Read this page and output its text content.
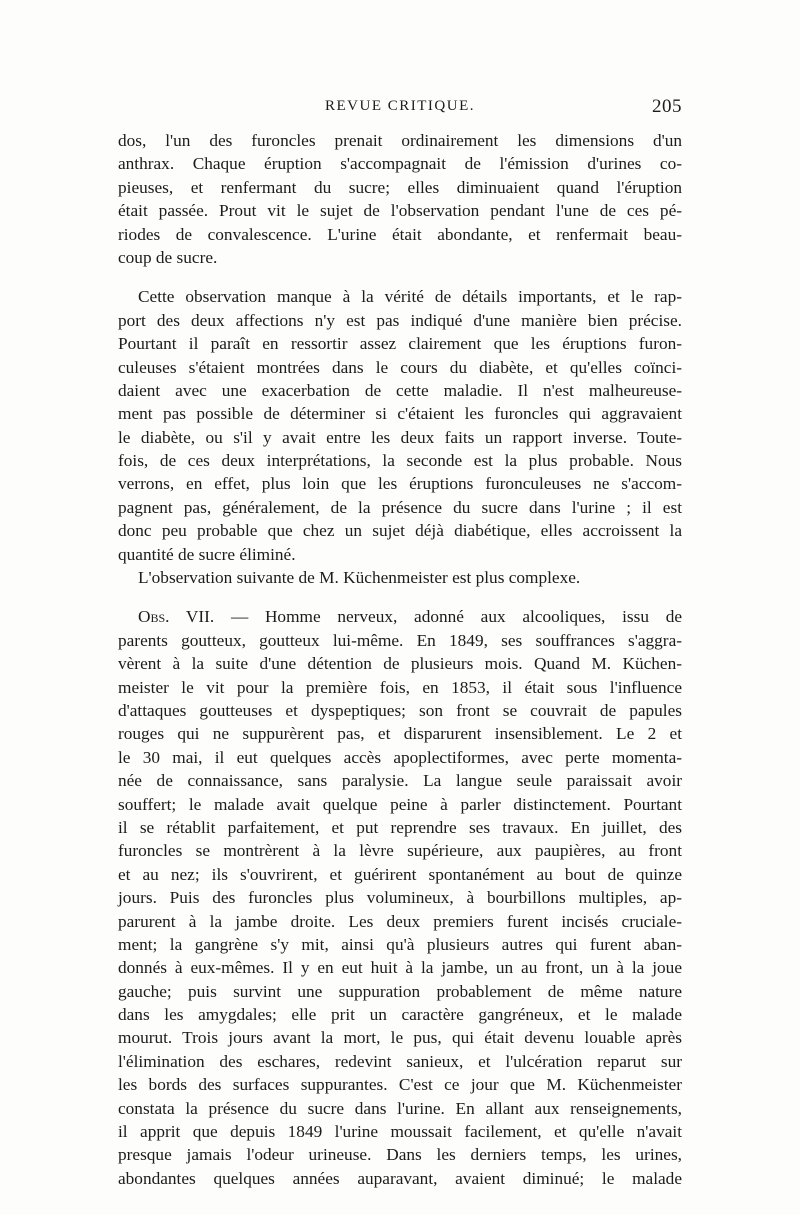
REVUE CRITIQUE.	205
dos, l'un des furoncles prenait ordinairement les dimensions d'un
anthrax. Chaque éruption s'accompagnait de l'émission d'urines co-
pieuses, et renfermant du sucre; elles diminuaient quand l'éruption
était passée. Prout vit le sujet de l'observation pendant l'une de ces pé-
riodes de convalescence. L'urine était abondante, et renfermait beau-
coup de sucre.
Cette observation manque à la vérité de détails importants, et le rap-
port des deux affections n'y est pas indiqué d'une manière bien précise.
Pourtant il paraît en ressortir assez clairement que les éruptions furon-
culeuses s'étaient montrées dans le cours du diabète, et qu'elles coïnci-
daient avec une exacerbation de cette maladie. Il n'est malheureuse-
ment pas possible de déterminer si c'étaient les furoncles qui aggravaient
le diabète, ou s'il y avait entre les deux faits un rapport inverse. Toute-
fois, de ces deux interprétations, la seconde est la plus probable. Nous
verrons, en effet, plus loin que les éruptions furonculeuses ne s'accom-
pagnent pas, généralement, de la présence du sucre dans l'urine ; il est
donc peu probable que chez un sujet déjà diabétique, elles accroissent la
quantité de sucre éliminé.
L'observation suivante de M. Küchenmeister est plus complexe.
Obs. VII. — Homme nerveux, adonné aux alcooliques, issu de
parents goutteux, goutteux lui-même. En 1849, ses souffrances s'aggra-
vèrent à la suite d'une détention de plusieurs mois. Quand M. Küchen-
meister le vit pour la première fois, en 1853, il était sous l'influence
d'attaques goutteuses et dyspeptiques; son front se couvrait de papules
rouges qui ne suppurèrent pas, et disparurent insensiblement. Le 2 et
le 30 mai, il eut quelques accès apoplectiformes, avec perte momenta-
née de connaissance, sans paralysie. La langue seule paraissait avoir
souffert; le malade avait quelque peine à parler distinctement. Pourtant
il se rétablit parfaitement, et put reprendre ses travaux. En juillet, des
furoncles se montrèrent à la lèvre supérieure, aux paupières, au front
et au nez; ils s'ouvrirent, et guérirent spontanément au bout de quinze
jours. Puis des furoncles plus volumineux, à bourbillons multiples, ap-
parurent à la jambe droite. Les deux premiers furent incisés cruciale-
ment; la gangrène s'y mit, ainsi qu'à plusieurs autres qui furent aban-
donnés à eux-mêmes. Il y en eut huit à la jambe, un au front, un à la joue
gauche; puis survint une suppuration probablement de même nature
dans les amygdales; elle prit un caractère gangréneux, et le malade
mourut. Trois jours avant la mort, le pus, qui était devenu louable après
l'élimination des eschares, redevint sanieux, et l'ulcération reparut sur
les bords des surfaces suppurantes. C'est ce jour que M. Küchenmeister
constata la présence du sucre dans l'urine. En allant aux renseignements,
il apprit que depuis 1849 l'urine moussait facilement, et qu'elle n'avait
presque jamais l'odeur urineuse. Dans les derniers temps, les urines,
abondantes quelques années auparavant, avaient diminué; le malade
